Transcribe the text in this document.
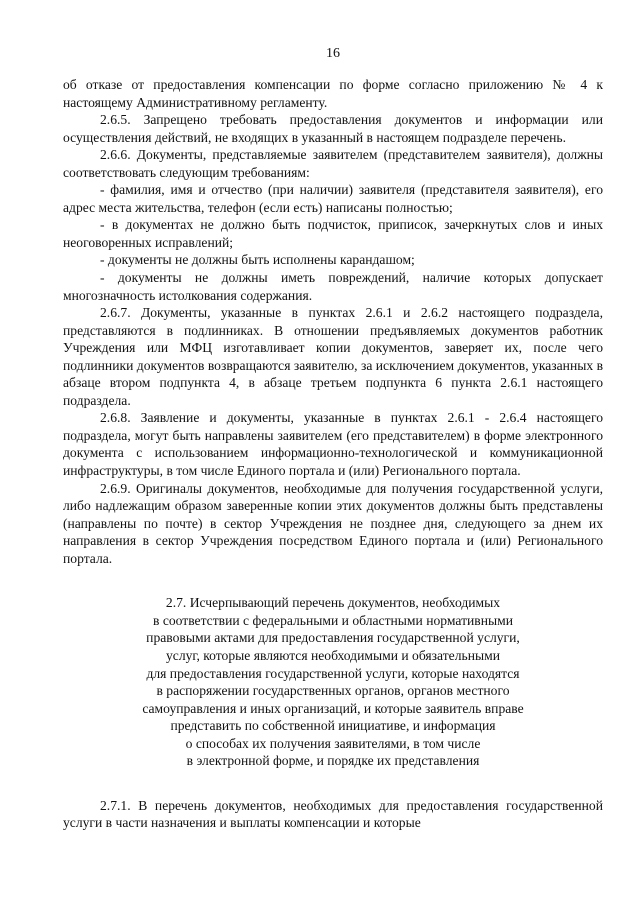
16

об отказе от предоставления компенсации по форме согласно приложению № 4 к настоящему Административному регламенту.

2.6.5. Запрещено требовать предоставления документов и информации или осуществления действий, не входящих в указанный в настоящем подразделе перечень.

2.6.6. Документы, представляемые заявителем (представителем заявителя), должны соответствовать следующим требованиям:

- фамилия, имя и отчество (при наличии) заявителя (представителя заявителя), его адрес места жительства, телефон (если есть) написаны полностью;

- в документах не должно быть подчисток, приписок, зачеркнутых слов и иных неоговоренных исправлений;

- документы не должны быть исполнены карандашом;

- документы не должны иметь повреждений, наличие которых допускает многозначность истолкования содержания.

2.6.7. Документы, указанные в пунктах 2.6.1 и 2.6.2 настоящего подраздела, представляются в подлинниках. В отношении предъявляемых документов работник Учреждения или МФЦ изготавливает копии документов, заверяет их, после чего подлинники документов возвращаются заявителю, за исключением документов, указанных в абзаце втором подпункта 4, в абзаце третьем подпункта 6 пункта 2.6.1 настоящего подраздела.

2.6.8. Заявление и документы, указанные в пунктах 2.6.1 - 2.6.4 настоящего подраздела, могут быть направлены заявителем (его представителем) в форме электронного документа с использованием информационно-технологической и коммуникационной инфраструктуры, в том числе Единого портала и (или) Регионального портала.

2.6.9. Оригиналы документов, необходимые для получения государственной услуги, либо надлежащим образом заверенные копии этих документов должны быть представлены (направлены по почте) в сектор Учреждения не позднее дня, следующего за днем их направления в сектор Учреждения посредством Единого портала и (или) Регионального портала.

2.7. Исчерпывающий перечень документов, необходимых
в соответствии с федеральными и областными нормативными
правовыми актами для предоставления государственной услуги,
услуг, которые являются необходимыми и обязательными
для предоставления государственной услуги, которые находятся
в распоряжении государственных органов, органов местного
самоуправления и иных организаций, и которые заявитель вправе
представить по собственной инициативе, и информация
о способах их получения заявителями, в том числе
в электронной форме, и порядке их представления

2.7.1. В перечень документов, необходимых для предоставления государственной услуги в части назначения и выплаты компенсации и которые
